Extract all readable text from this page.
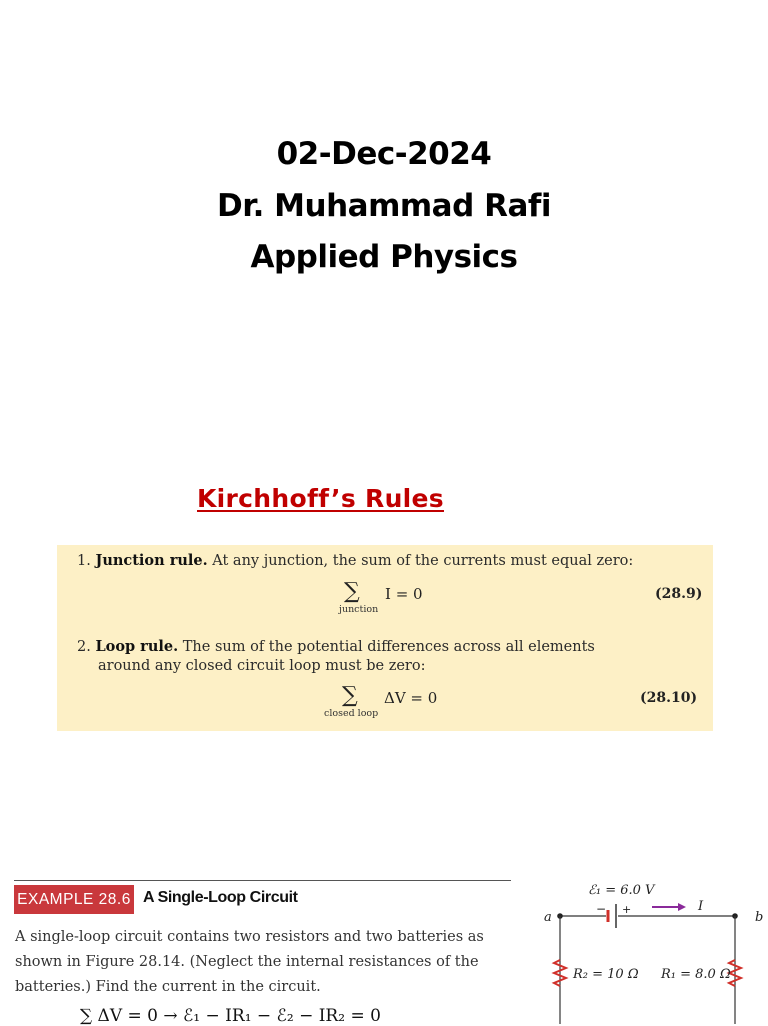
02-Dec-2024
Dr. Muhammad Rafi
Applied Physics
Kirchhoff’s Rules
1. Junction rule. At any junction, the sum of the currents must equal zero:
∑
junction
I = 0	(28.9)
2. Loop rule. The sum of the potential differences across all elements
around any closed circuit loop must be zero:
∑
closed loop
ΔV = 0	(28.10)
EXAMPLE 28.6 A Single-Loop Circuit
A single-loop circuit contains two resistors and two batteries as shown in Figure 28.14. (Neglect the internal resistances of the batteries.) Find the current in the circuit.
∑ ΔV = 0 → ℰ₁ − IR₁ − ℰ₂ − IR₂ = 0
ℰ₁ = 6.0 V
− +
a	b
I
R₂ = 10 Ω R₁ = 8.0 Ω
